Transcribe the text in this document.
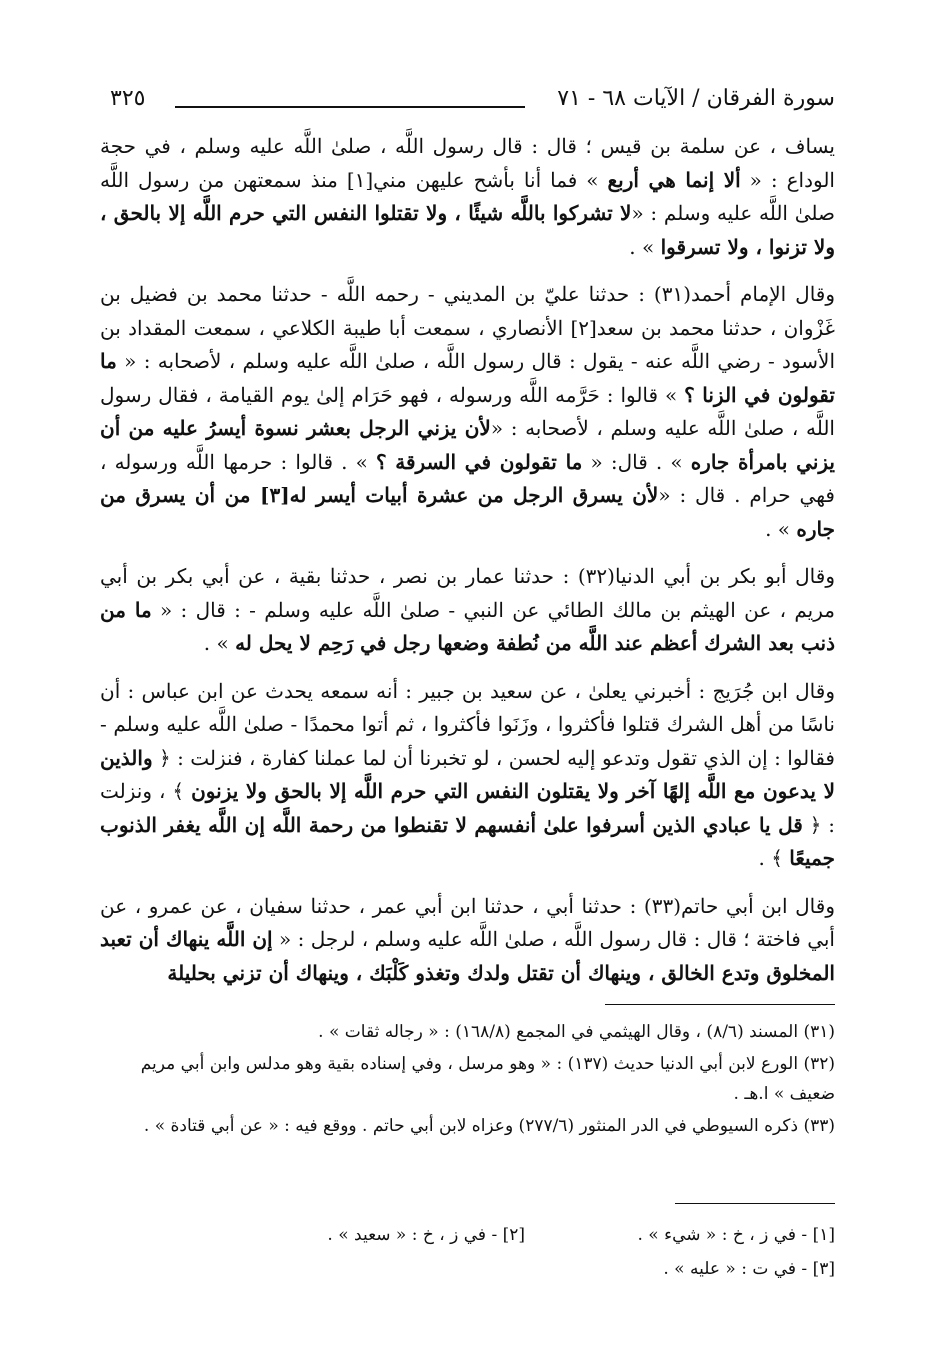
سورة الفرقان / الآيات ٦٨ - ٧١
٣٢٥

يساف ، عن سلمة بن قيس ؛ قال : قال رسول اللَّه ، صلىٰ اللَّه عليه وسلم ، في حجة الوداع : « ألا إنما هي أربع » فما أنا بأشح عليهن مني[١] منذ سمعتهن من رسول اللَّه صلىٰ اللَّه عليه وسلم : «لا تشركوا باللَّه شيئًا ، ولا تقتلوا النفس التي حرم اللَّه إلا بالحق ، ولا تزنوا ، ولا تسرقوا » .

وقال الإمام أحمد(٣١) : حدثنا عليّ بن المديني - رحمه اللَّه - حدثنا محمد بن فضيل بن غَزْوان ، حدثنا محمد بن سعد[٢] الأنصاري ، سمعت أبا طيبة الكلاعي ، سمعت المقداد بن الأسود - رضي اللَّه عنه - يقول : قال رسول اللَّه ، صلىٰ اللَّه عليه وسلم ، لأصحابه : « ما تقولون في الزنا ؟ » قالوا : حَرَّمه اللَّه ورسوله ، فهو حَرَام إلىٰ يوم القيامة ، فقال رسول اللَّه ، صلىٰ اللَّه عليه وسلم ، لأصحابه : «لأن يزني الرجل بعشر نسوة أيسرُ عليه من أن يزني بامرأة جاره » . قال: « ما تقولون في السرقة ؟ » . قالوا : حرمها اللَّه ورسوله ، فهي حرام . قال : «لأن يسرق الرجل من عشرة أبيات أيسر له[٣] من أن يسرق من جاره » .

وقال أبو بكر بن أبي الدنيا(٣٢) : حدثنا عمار بن نصر ، حدثنا بقية ، عن أبي بكر بن أبي مريم ، عن الهيثم بن مالك الطائي عن النبي - صلىٰ اللَّه عليه وسلم - : قال : « ما من ذنب بعد الشرك أعظم عند اللَّه من نُطفة وضعها رجل في رَحِم لا يحل له » .

وقال ابن جُرَيج : أخبرني يعلىٰ ، عن سعيد بن جبير : أنه سمعه يحدث عن ابن عباس : أن ناسًا من أهل الشرك قتلوا فأكثروا ، وزَنَوا فأكثروا ، ثم أتوا محمدًا - صلىٰ اللَّه عليه وسلم - فقالوا : إن الذي تقول وتدعو إليه لحسن ، لو تخبرنا أن لما عملنا كفارة ، فنزلت : ﴿ والذين لا يدعون مع اللَّه إلهًا آخر ولا يقتلون النفس التي حرم اللَّه إلا بالحق ولا يزنون ﴾ ، ونزلت : ﴿ قل يا عبادي الذين أسرفوا علىٰ أنفسهم لا تقنطوا من رحمة اللَّه إن اللَّه يغفر الذنوب جميعًا ﴾ .

وقال ابن أبي حاتم(٣٣) : حدثنا أبي ، حدثنا ابن أبي عمر ، حدثنا سفيان ، عن عمرو ، عن أبي فاختة ؛ قال : قال رسول اللَّه ، صلىٰ اللَّه عليه وسلم ، لرجل : « إن اللَّه ينهاك أن تعبد المخلوق وتدع الخالق ، وينهاك أن تقتل ولدك وتغذو كَلْبَك ، وينهاك أن تزني بحليلة

(٣١) المسند (٨/٦) ، وقال الهيثمي في المجمع (١٦٨/٨) : « رجاله ثقات » .

(٣٢) الورع لابن أبي الدنيا حديث (١٣٧) : « وهو مرسل ، وفي إسناده بقية وهو مدلس وابن أبي مريم ضعيف » ا.هـ .

(٣٣) ذكره السيوطي في الدر المنثور (٢٧٧/٦) وعزاه لابن أبي حاتم . ووقع فيه : « عن أبي قتادة » .

[١] - في ز ، خ : « شيء » .
[٢] - في ز ، خ : « سعيد » .
[٣] - في ت : « عليه » .
